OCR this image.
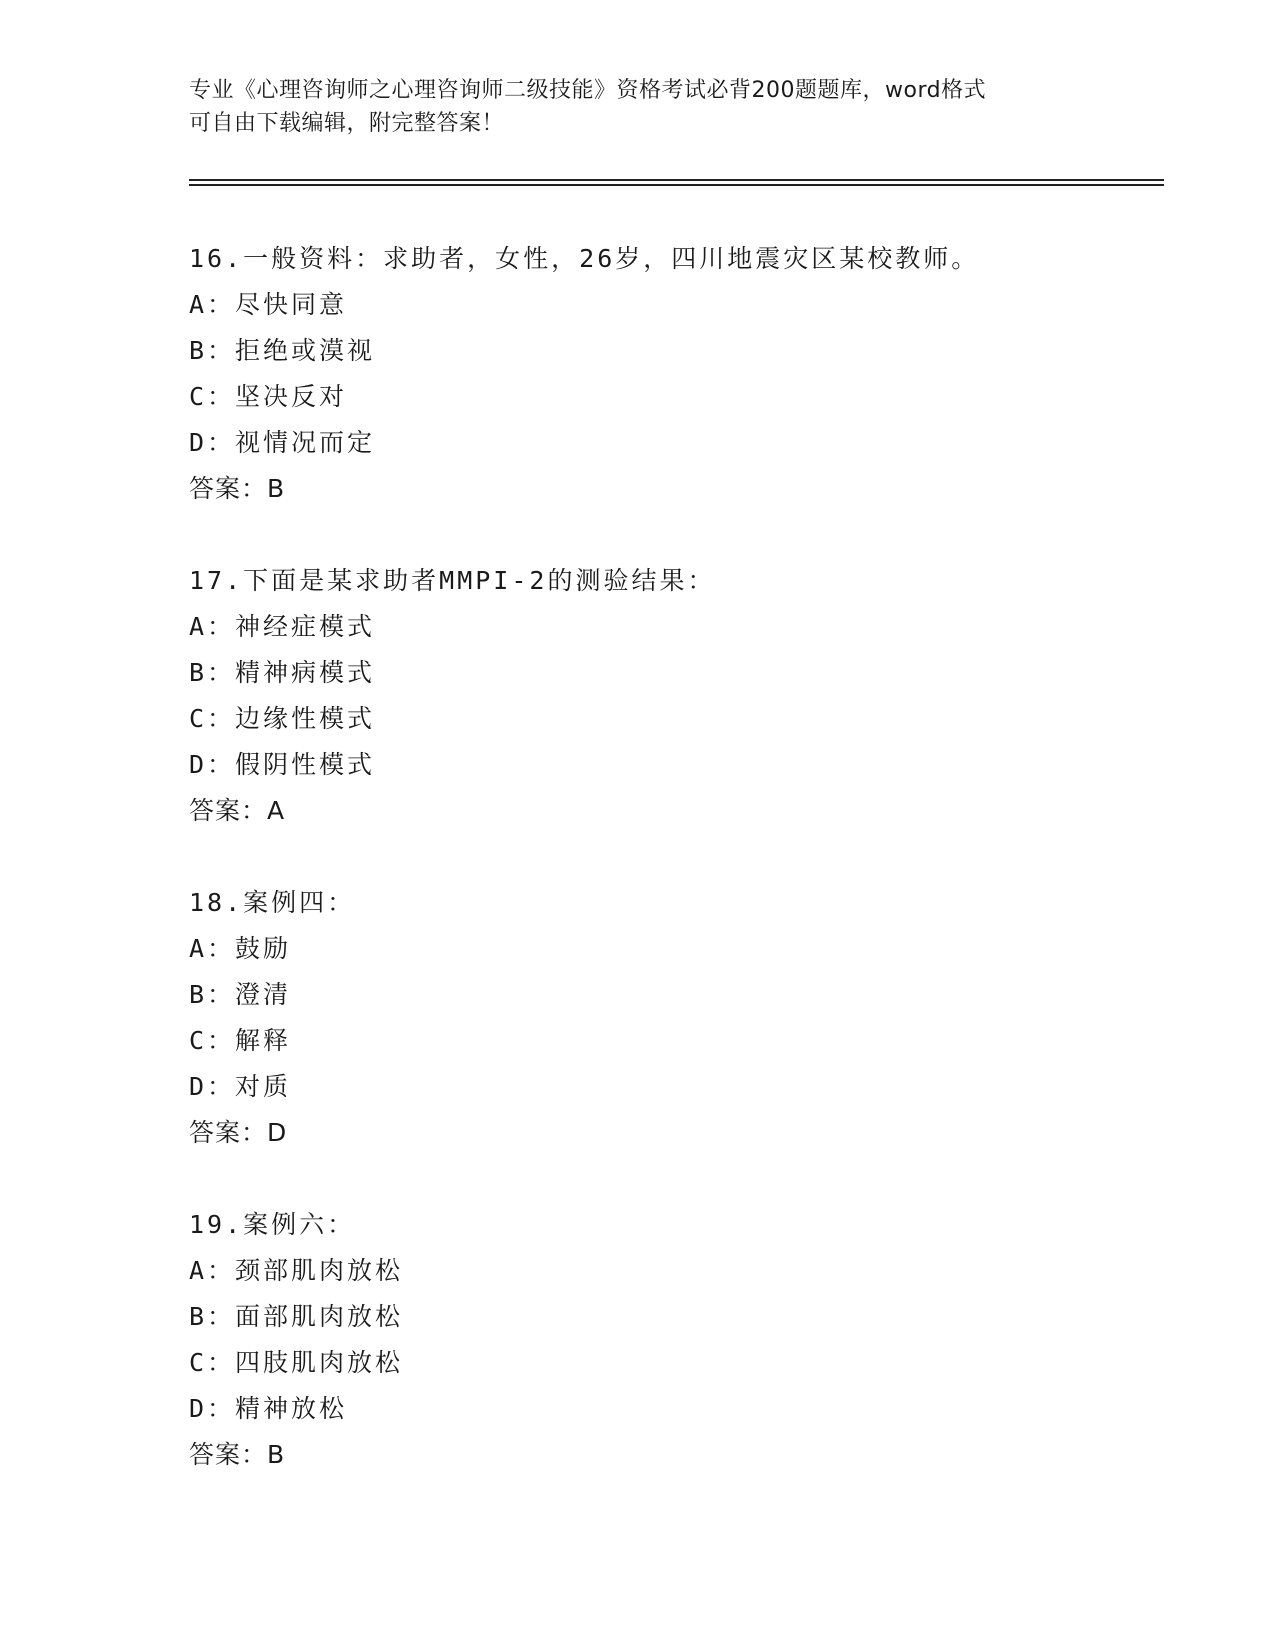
专业《心理咨询师之心理咨询师二级技能》资格考试必背200题题库，word格式
可自由下载编辑，附完整答案！
16.一般资料：求助者，女性，26岁，四川地震灾区某校教师。
A：尽快同意
B：拒绝或漠视
C：坚决反对
D：视情况而定
答案：B
17.下面是某求助者MMPI-2的测验结果：
A：神经症模式
B：精神病模式
C：边缘性模式
D：假阴性模式
答案：A
18.案例四：
A：鼓励
B：澄清
C：解释
D：对质
答案：D
19.案例六：
A：颈部肌肉放松
B：面部肌肉放松
C：四肢肌肉放松
D：精神放松
答案：B
